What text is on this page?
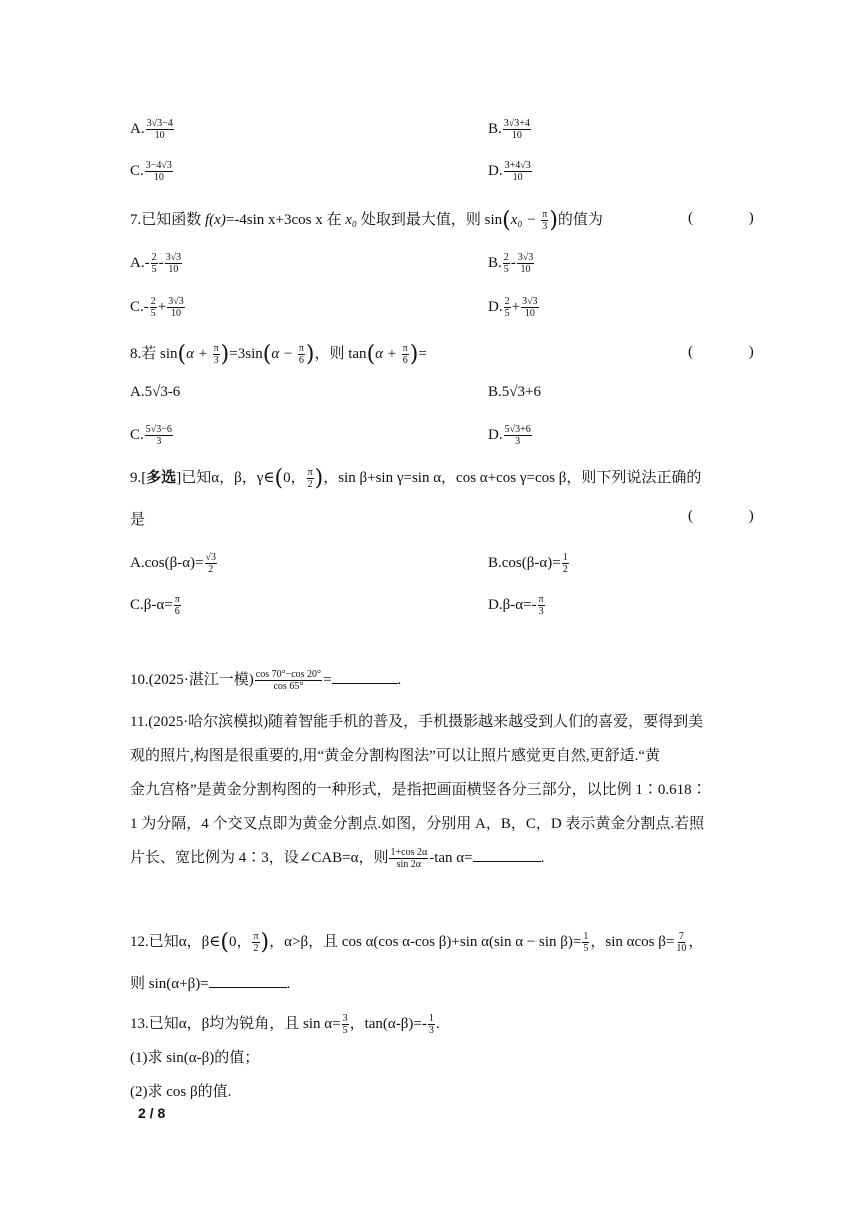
A. $\frac{3√3-4}{10}$	B. $\frac{3√3+4}{10}$
C. $\frac{3-4√3}{10}$	D. $\frac{3+4√3}{10}$
7.已知函数 f(x)=-4sin x+3cos x 在 x₀ 处取到最大值，则 $\sin(x_0 - \frac{\pi}{3}$ )的值为	( )
$A.- \frac{2}{5} - \frac{3√3}{10}$	B. $\frac{2}{5} - \frac{3√3}{10}$
$C.- \frac{2}{5} + \frac{3√3}{10}$	D. $\frac{2}{5} + \frac{3√3}{10}$
8.若 $\sin(\alpha + \frac{\pi}{3} )=3\sin(\alpha - \frac{\pi}{6}$ )，则 $\tan(\alpha + \frac{\pi}{6}$ )=	( )
A.5√3-6	B.5√3+6
C. $\frac{5√3-6}{3}$	D. $\frac{5√3+6}{3}$
9.[多选]已知α，β，γ∈(0， $\frac{\pi}{2}$ )，sin β+sin γ=sin α，cos α+cos γ=cos β，则下列说法正确的
是	( )
$A.\cos(\beta-\alpha)= \frac{√3}{2}$	$B.\cos(\beta-\alpha)= \frac{1}{2}$
$C.\beta-\alpha= \frac{\pi}{6}$	$D.\beta-\alpha=- \frac{\pi}{3}$
10.(2025·湛江一模) $\frac{\cos 70^\circ-\cos 20^\circ}{\cos 65^\circ}$ =	.
11.(2025·哈尔滨模拟)随着智能手机的普及，手机摄影越来越受到人们的喜爱，要得到美
观的照片,构图是很重要的,用“黄金分割构图法”可以让照片感觉更自然,更舒适.“黄
金九宫格”是黄金分割构图的一种形式，是指把画面横竖各分三部分，以比例 1∶0.618∶
1 为分隔，4 个交叉点即为黄金分割点.如图，分别用 A，B，C，D 表示黄金分割点.若照
片长、宽比例为 4∶3，设∠CAB=α，则 $\frac{1+\cos 2\alpha}{\sin 2\alpha} -\tan$ α=	.
12.已知α，β∈(0， $\frac{\pi}{2}$ )，α>β，且 cos α(cos α-cos β)+sin α(sin $\alpha - \sin \beta)= \frac{1}{5}$ ，sin αcos $\beta= \frac{7}{10}$ ，
则 sin(α+β)=	.
13.已知α，β均为锐角，且 $\sin \alpha= \frac{3}{5}$ ，$\tan(\alpha-\beta)=- \frac{1}{3}$ .
(1)求 sin(α-β)的值；
(2)求 cos β的值.
2 / 8
